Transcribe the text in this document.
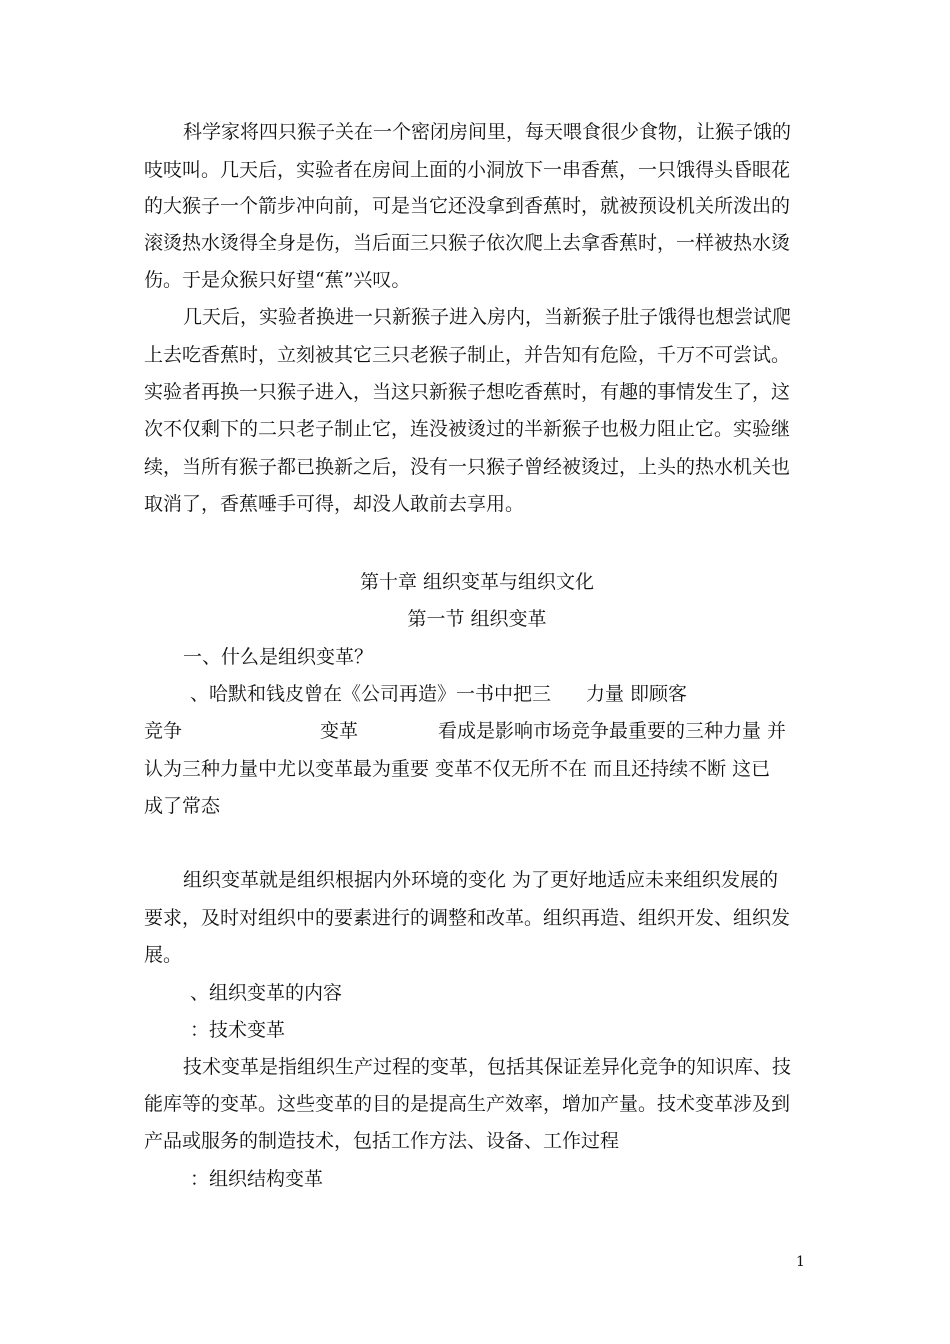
科学家将四只猴子关在一个密闭房间里，每天喂食很少食物，让猴子饿的
吱吱叫。几天后，实验者在房间上面的小洞放下一串香蕉，一只饿得头昏眼花
的大猴子一个箭步冲向前，可是当它还没拿到香蕉时，就被预设机关所泼出的
滚烫热水烫得全身是伤，当后面三只猴子依次爬上去拿香蕉时，一样被热水烫
伤。于是众猴只好望“蕉”兴叹。
几天后，实验者换进一只新猴子进入房内，当新猴子肚子饿得也想尝试爬
上去吃香蕉时，立刻被其它三只老猴子制止，并告知有危险，千万不可尝试。
实验者再换一只猴子进入，当这只新猴子想吃香蕉时，有趣的事情发生了，这
次不仅剩下的二只老子制止它，连没被烫过的半新猴子也极力阻止它。实验继
续，当所有猴子都已换新之后，没有一只猴子曾经被烫过，上头的热水机关也
取消了，香蕉唾手可得，却没人敢前去享用。
第十章 组织变革与组织文化
第一节 组织变革
一、什么是组织变革？
、哈默和钱皮曾在《公司再造》一书中把三 力量 即顾客
竞争	变革	看成是影响市场竞争最重要的三种力量 并
认为三种力量中尤以变革最为重要 变革不仅无所不在 而且还持续不断 这已
成了常态
组织变革就是组织根据内外环境的变化 为了更好地适应未来组织发展的
要求，及时对组织中的要素进行的调整和改革。组织再造、组织开发、组织发
展。
、组织变革的内容
：技术变革
技术变革是指组织生产过程的变革，包括其保证差异化竞争的知识库、技
能库等的变革。这些变革的目的是提高生产效率，增加产量。技术变革涉及到
产品或服务的制造技术，包括工作方法、设备、工作过程
：组织结构变革
1
